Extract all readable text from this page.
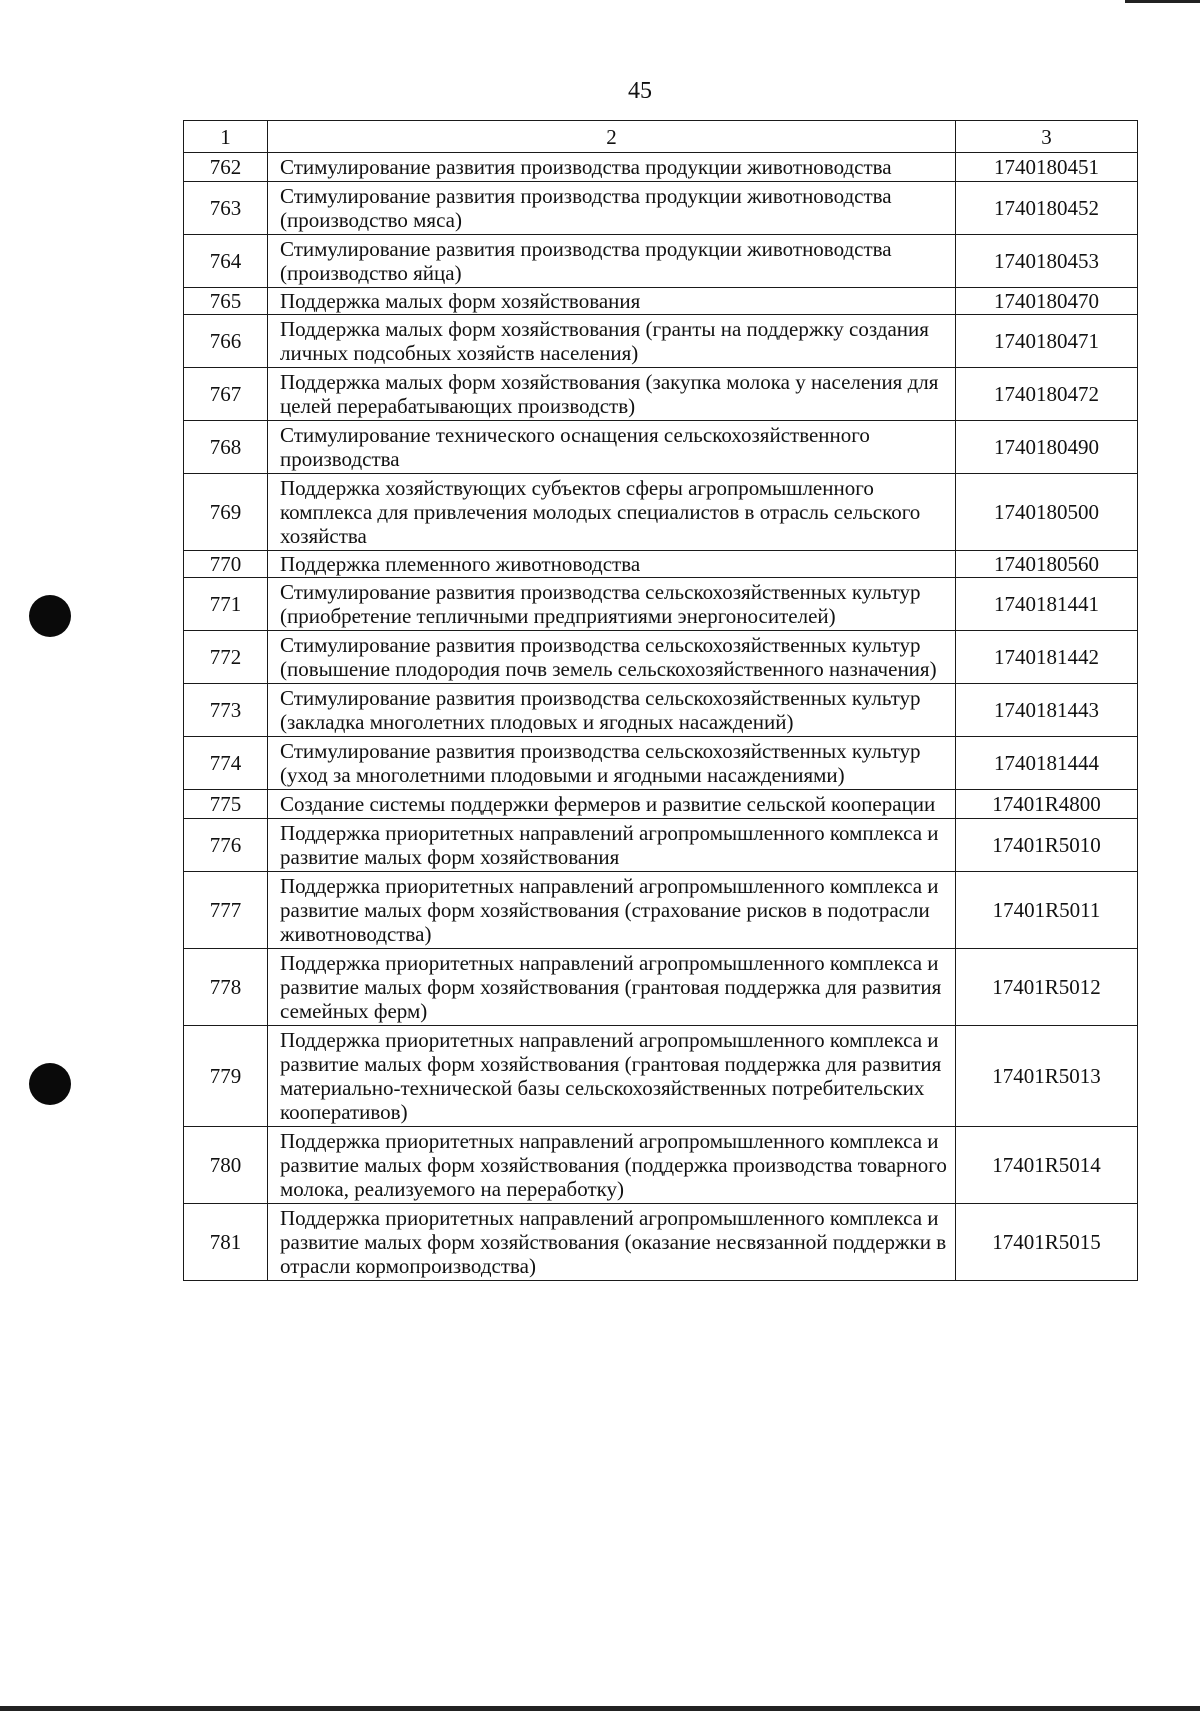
45
1	2	3
762	Стимулирование развития производства продукции животноводства	1740180451
763	Стимулирование развития производства продукции животноводства (производство мяса)	1740180452
764	Стимулирование развития производства продукции животноводства (производство яйца)	1740180453
765	Поддержка малых форм хозяйствования	1740180470
766	Поддержка малых форм хозяйствования (гранты на поддержку создания личных подсобных хозяйств населения)	1740180471
767	Поддержка малых форм хозяйствования (закупка молока у населения для целей перерабатывающих производств)	1740180472
768	Стимулирование технического оснащения сельскохозяйственного производства	1740180490
769	Поддержка хозяйствующих субъектов сферы агропромышленного комплекса для привлечения молодых специалистов в отрасль сельского хозяйства	1740180500
770	Поддержка племенного животноводства	1740180560
771	Стимулирование развития производства сельскохозяйственных культур (приобретение тепличными предприятиями энергоносителей)	1740181441
772	Стимулирование развития производства сельскохозяйственных культур (повышение плодородия почв земель сельскохозяйственного назначения)	1740181442
773	Стимулирование развития производства сельскохозяйственных культур (закладка многолетних плодовых и ягодных насаждений)	1740181443
774	Стимулирование развития производства сельскохозяйственных культур (уход за многолетними плодовыми и ягодными насаждениями)	1740181444
775	Создание системы поддержки фермеров и развитие сельской кооперации	17401R4800
776	Поддержка приоритетных направлений агропромышленного комплекса и развитие малых форм хозяйствования	17401R5010
777	Поддержка приоритетных направлений агропромышленного комплекса и развитие малых форм хозяйствования (страхование рисков в подотрасли животноводства)	17401R5011
778	Поддержка приоритетных направлений агропромышленного комплекса и развитие малых форм хозяйствования (грантовая поддержка для развития семейных ферм)	17401R5012
779	Поддержка приоритетных направлений агропромышленного комплекса и развитие малых форм хозяйствования (грантовая поддержка для развития материально-технической базы сельскохозяйственных потребительских кооперативов)	17401R5013
780	Поддержка приоритетных направлений агропромышленного комплекса и развитие малых форм хозяйствования (поддержка производства товарного молока, реализуемого на переработку)	17401R5014
781	Поддержка приоритетных направлений агропромышленного комплекса и развитие малых форм хозяйствования (оказание несвязанной поддержки в отрасли кормопроизводства)	17401R5015
